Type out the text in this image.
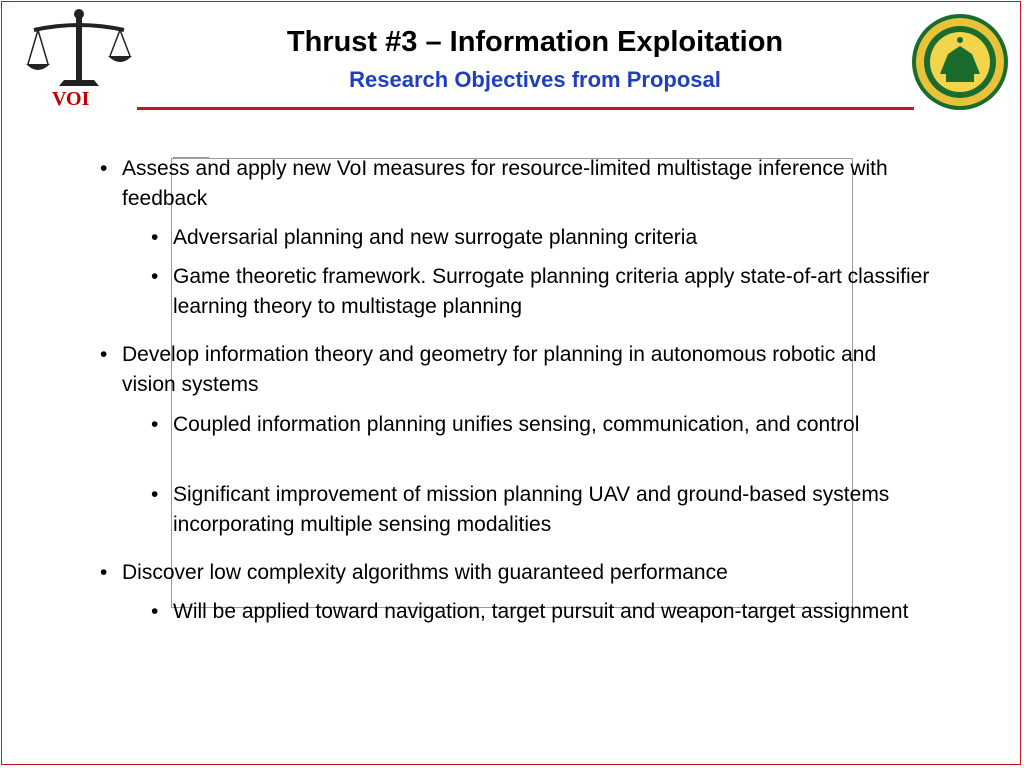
VOI
Thrust #3 – Information Exploitation
Research Objectives from Proposal
• Assess and apply new VoI measures for resource-limited multistage inference with feedback
• Adversarial planning and new surrogate planning criteria
• Game theoretic framework. Surrogate planning criteria apply state-of-art classifier learning theory to multistage planning
• Develop information theory and geometry for planning in autonomous robotic and vision systems
• Coupled information planning unifies sensing, communication, and control
• Significant improvement of mission planning UAV and ground-based systems incorporating multiple sensing modalities
• Discover low complexity algorithms with guaranteed performance
• Will be applied toward navigation, target pursuit and weapon-target assignment
